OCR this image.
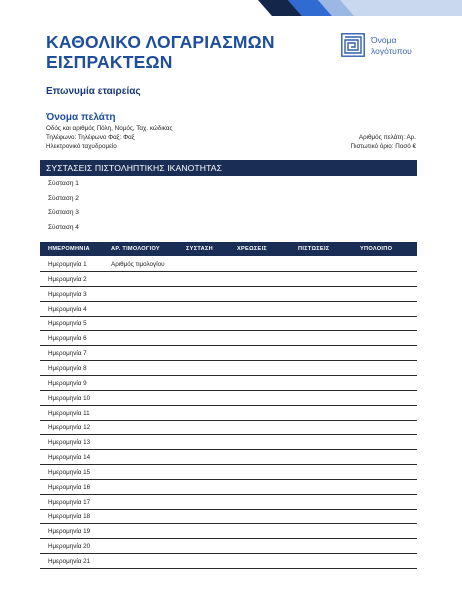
ΚΑΘΟΛΙΚΟ ΛΟΓΑΡΙΑΣΜΩΝ ΕΙΣΠΡΑΚΤΕΩΝ
Όνομα λογότυπου
Επωνυμία εταιρείας
Όνομα πελάτη
Οδός και αριθμός Πόλη, Νομός, Ταχ. κώδικας
Τηλέφωνο: Τηλέφωνο Φαξ: Φαξ
Ηλεκτρονικό ταχυδρομείο
Αριθμός πελάτη: Αρ.
Πιστωτικό όριο: Ποσό €
ΣΥΣΤΑΣΕΙΣ ΠΙΣΤΟΛΗΠΤΙΚΗΣ ΙΚΑΝΟΤΗΤΑΣ
Σύσταση 1
Σύσταση 2
Σύσταση 3
Σύσταση 4
ΗΜΕΡΟΜΗΝΙΑ	ΑΡ. ΤΙΜΟΛΟΓΙΟΥ	ΣΥΣΤΑΣΗ	ΧΡΕΩΣΕΙΣ	ΠΙΣΤΩΣΕΙΣ	ΥΠΟΛΟΙΠΟ
Ημερομηνία 1	Αριθμός τιμολογίου
Ημερομηνία 2
Ημερομηνία 3
Ημερομηνία 4
Ημερομηνία 5
Ημερομηνία 6
Ημερομηνία 7
Ημερομηνία 8
Ημερομηνία 9
Ημερομηνία 10
Ημερομηνία 11
Ημερομηνία 12
Ημερομηνία 13
Ημερομηνία 14
Ημερομηνία 15
Ημερομηνία 16
Ημερομηνία 17
Ημερομηνία 18
Ημερομηνία 19
Ημερομηνία 20
Ημερομηνία 21
